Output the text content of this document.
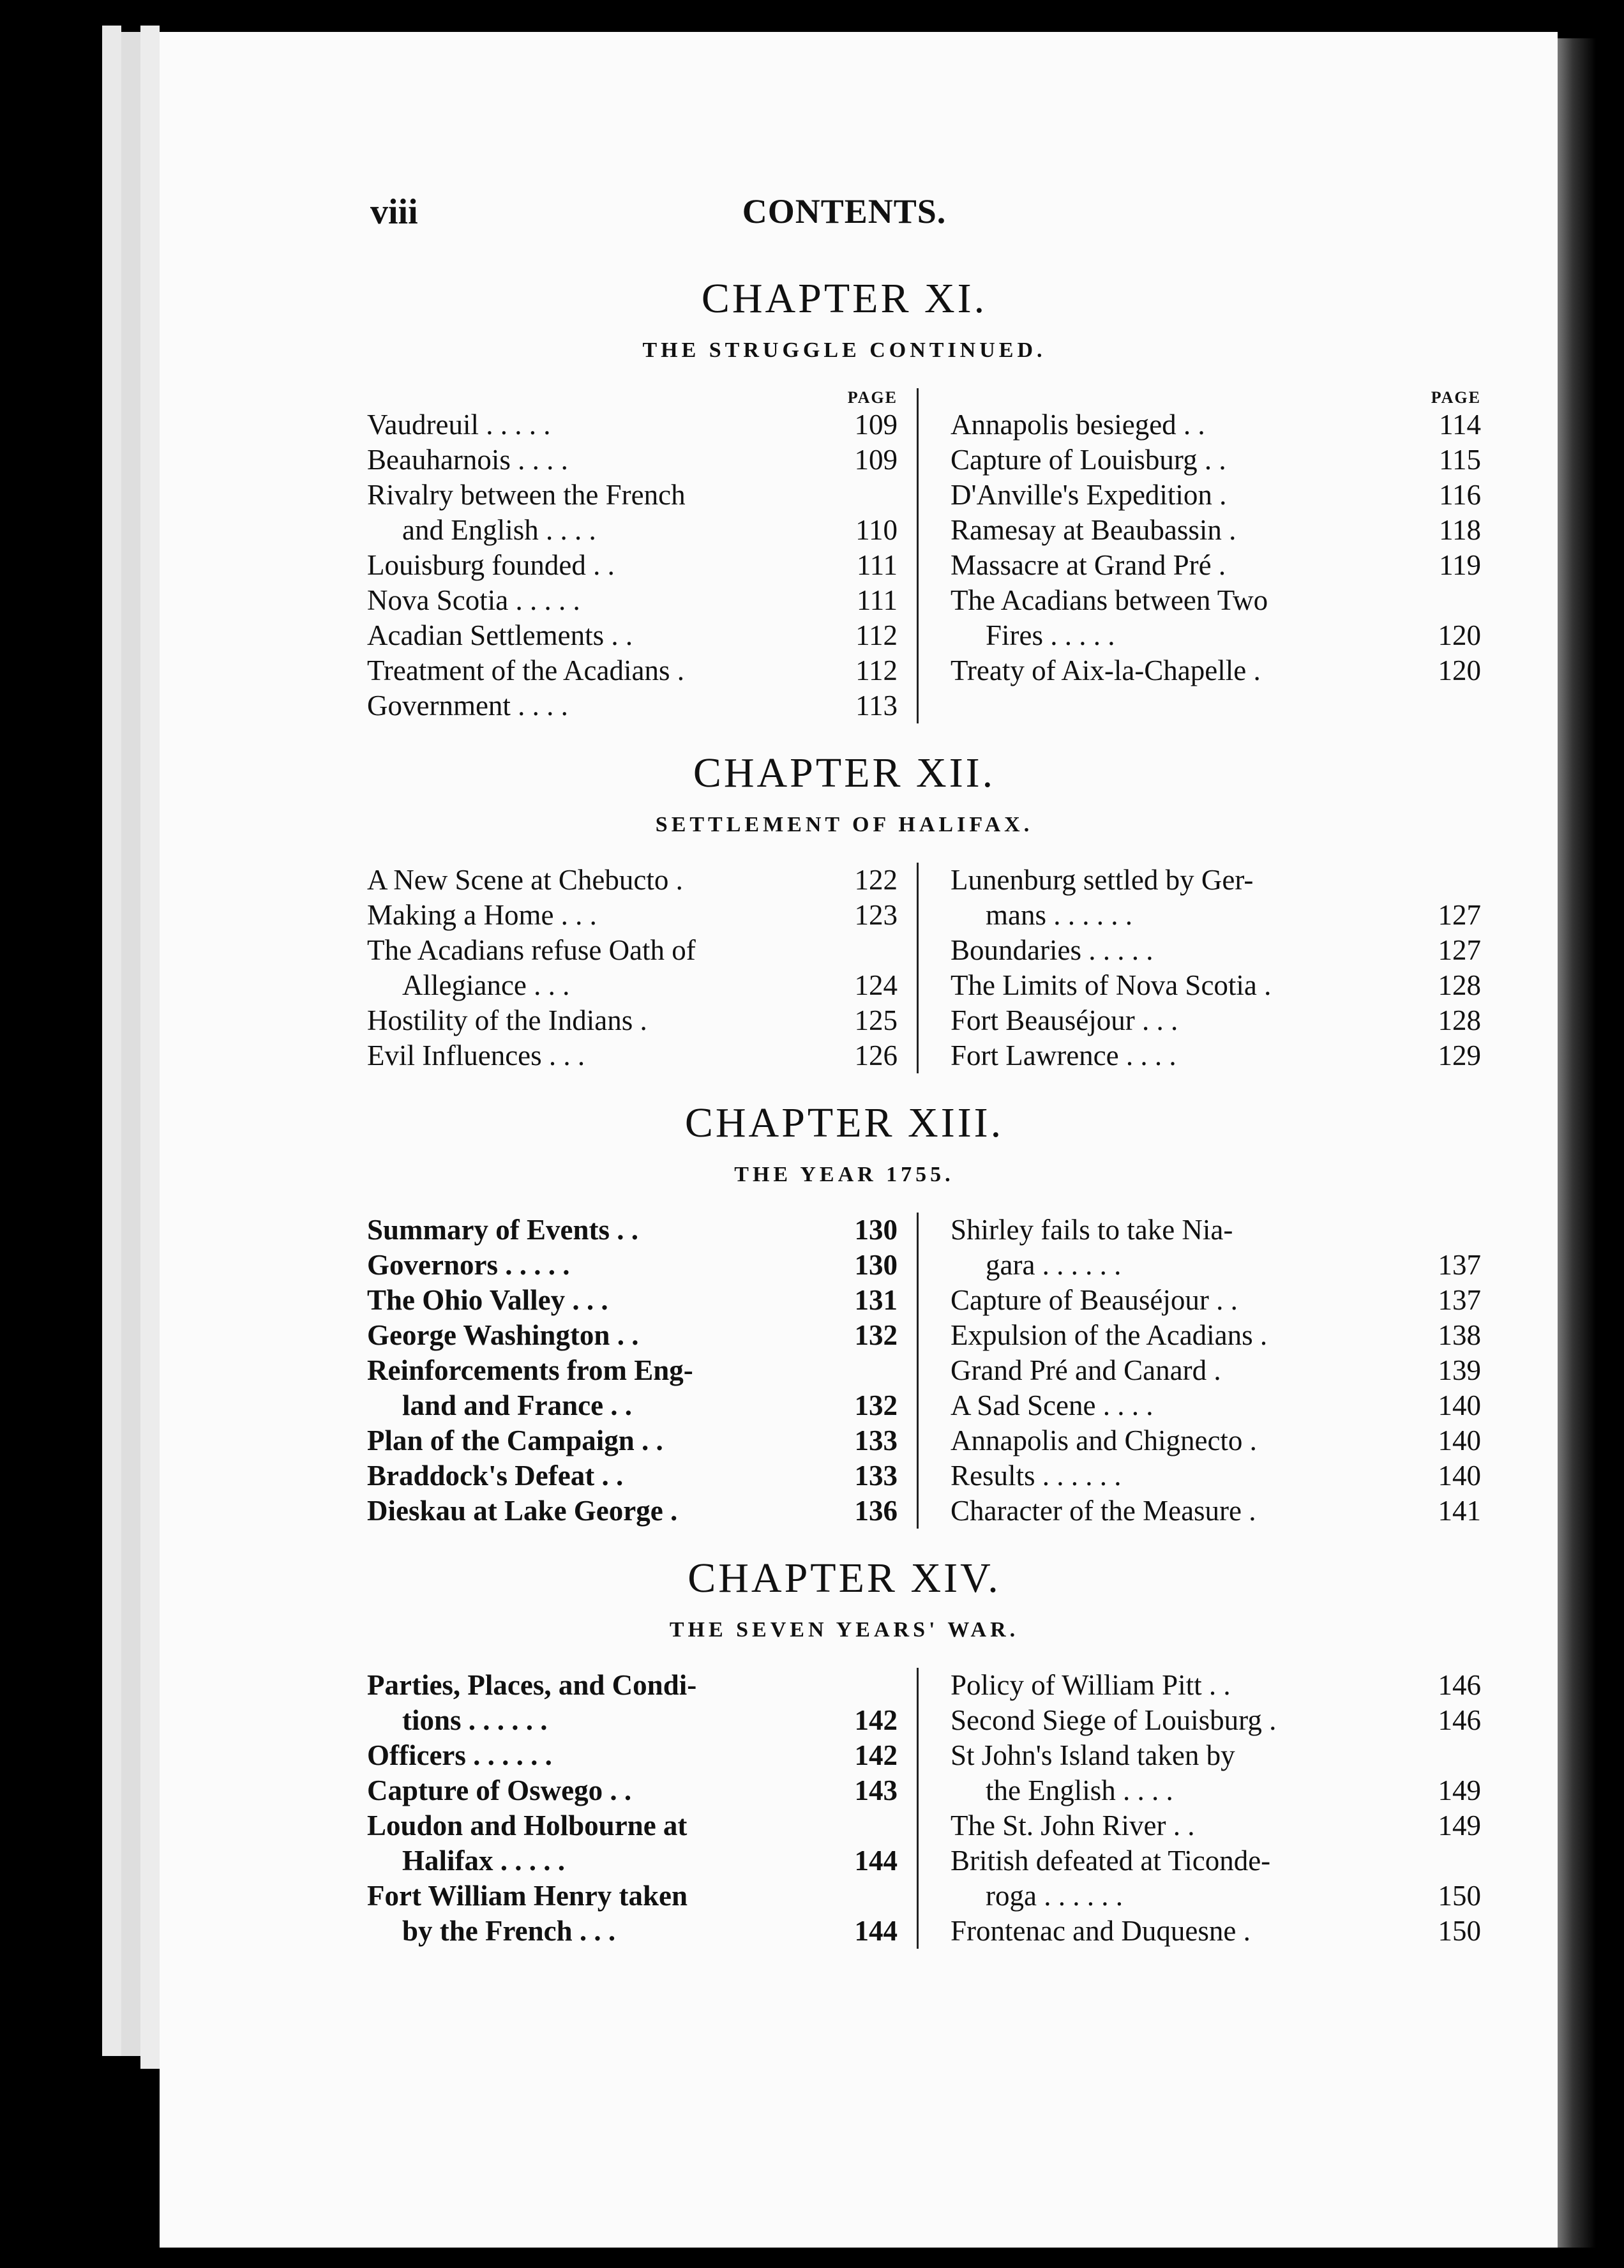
viii	CONTENTS.
CHAPTER XI.
THE STRUGGLE CONTINUED.
PAGE
Vaudreuil . . . . .	109
Beauharnois . . . .	109
Rivalry between the French
and English . . . .	110
Louisburg founded . .	111
Nova Scotia . . . . .	111
Acadian Settlements . .	112
Treatment of the Acadians .	112
Government . . . .	113
PAGE
Annapolis besieged . .	114
Capture of Louisburg . .	115
D'Anville's Expedition .	116
Ramesay at Beaubassin .	118
Massacre at Grand Pré .	119
The Acadians between Two
Fires . . . . .	120
Treaty of Aix-la-Chapelle .	120
CHAPTER XII.
SETTLEMENT OF HALIFAX.
A New Scene at Chebucto .	122
Making a Home . . .	123
The Acadians refuse Oath of
Allegiance . . .	124
Hostility of the Indians .	125
Evil Influences . . .	126
Lunenburg settled by Ger-
mans . . . . . .	127
Boundaries . . . . .	127
The Limits of Nova Scotia .	128
Fort Beauséjour . . .	128
Fort Lawrence . . . .	129
CHAPTER XIII.
THE YEAR 1755.
Summary of Events . .	130
Governors . . . . .	130
The Ohio Valley . . .	131
George Washington . .	132
Reinforcements from Eng-
land and France . .	132
Plan of the Campaign . .	133
Braddock's Defeat . .	133
Dieskau at Lake George .	136
Shirley fails to take Nia-
gara . . . . . .	137
Capture of Beauséjour . .	137
Expulsion of the Acadians .	138
Grand Pré and Canard .	139
A Sad Scene . . . .	140
Annapolis and Chignecto .	140
Results . . . . . .	140
Character of the Measure .	141
CHAPTER XIV.
THE SEVEN YEARS' WAR.
Parties, Places, and Condi-
tions . . . . . .	142
Officers . . . . . .	142
Capture of Oswego . .	143
Loudon and Holbourne at
Halifax . . . . .	144
Fort William Henry taken
by the French . . .	144
Policy of William Pitt . .	146
Second Siege of Louisburg .	146
St John's Island taken by
the English . . . .	149
The St. John River . .	149
British defeated at Ticonde-
roga . . . . . .	150
Frontenac and Duquesne .	150
